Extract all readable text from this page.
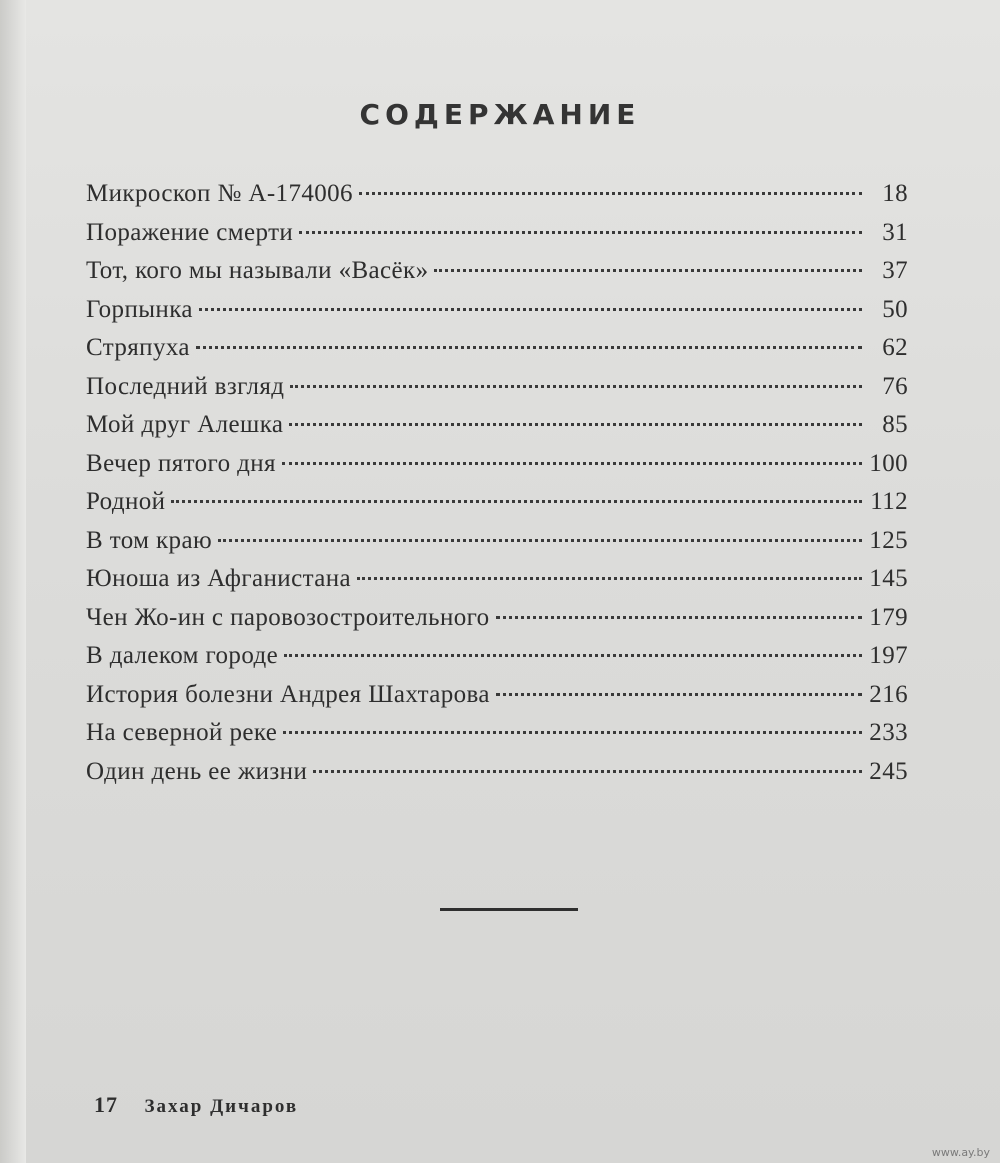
СОДЕРЖАНИЕ
Микроскоп № А-174006	18
Поражение смерти	31
Тот, кого мы называли «Васёк»	37
Горпынка	50
Стряпуха	62
Последний взгляд	76
Мой друг Алешка	85
Вечер пятого дня	100
Родной	112
В том краю	125
Юноша из Афганистана	145
Чен Жо-ин с паровозостроительного	179
В далеком городе	197
История болезни Андрея Шахтарова	216
На северной реке	233
Один день ее жизни	245
17 Захар Дичаров
www.ay.by
